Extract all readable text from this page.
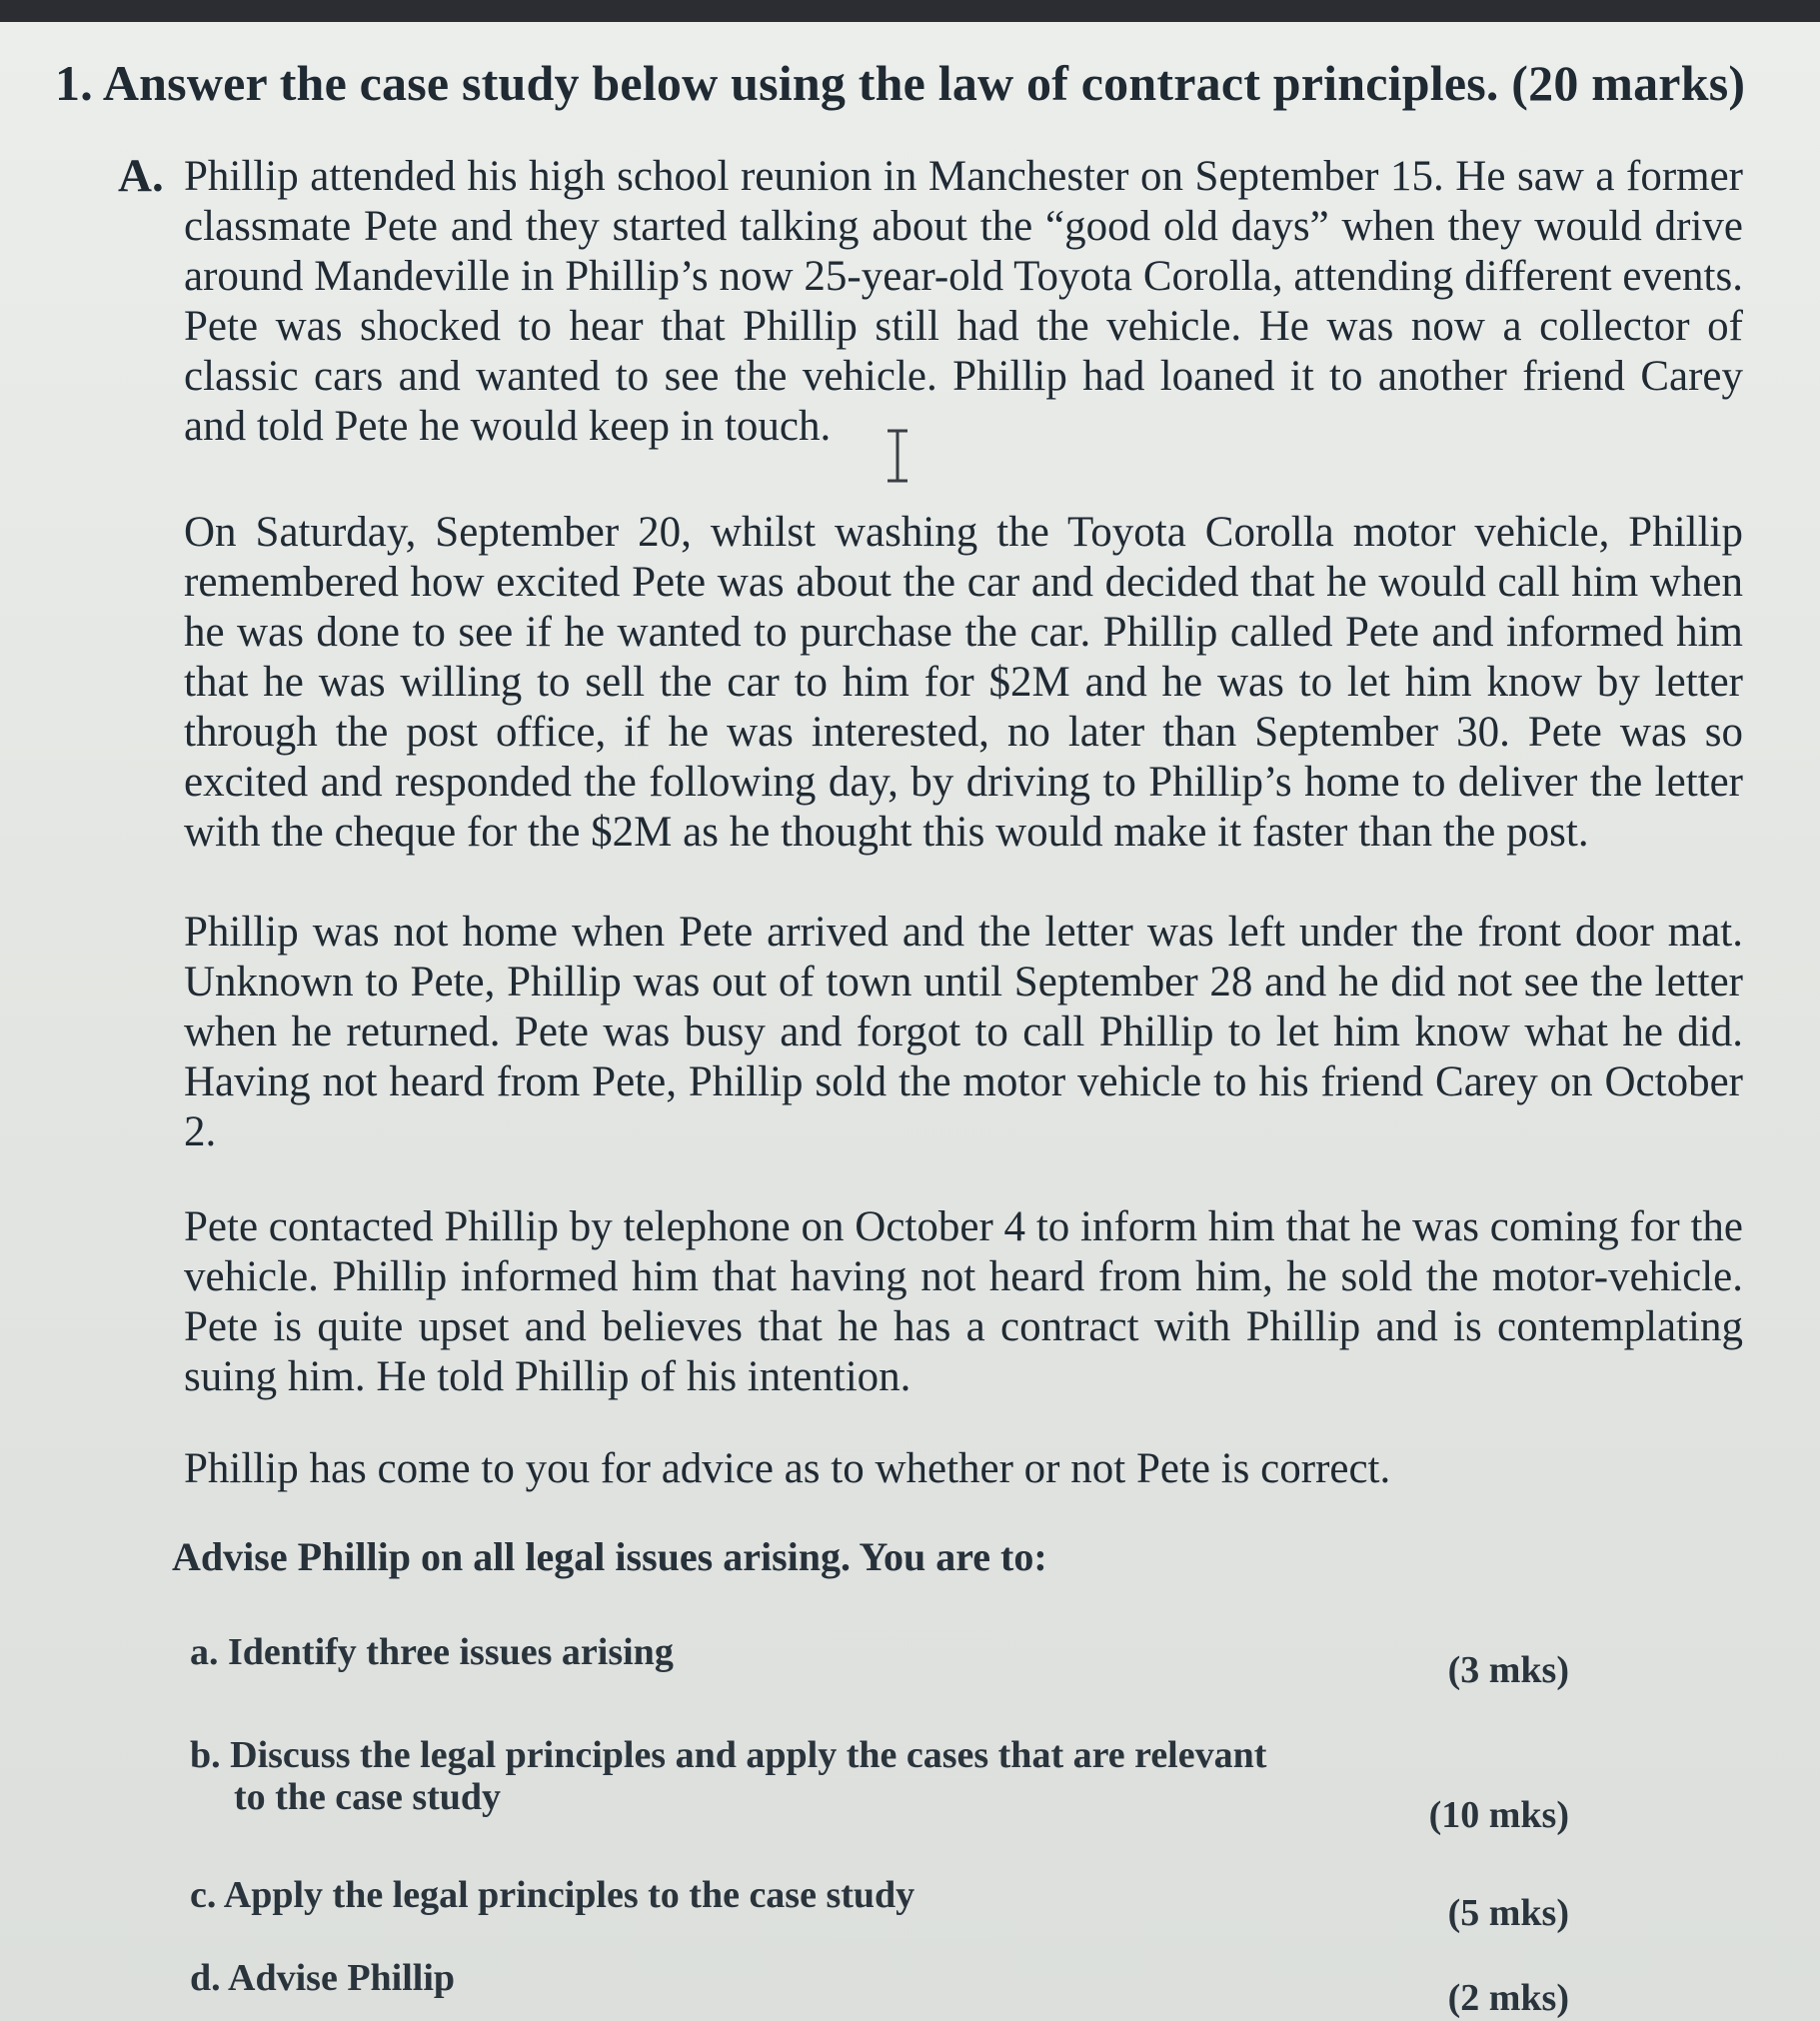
1. Answer the case study below using the law of contract principles. (20 marks)
A. Phillip attended his high school reunion in Manchester on September 15. He saw a former classmate Pete and they started talking about the “good old days” when they would drive around Mandeville in Phillip’s now 25-year-old Toyota Corolla, attending different events. Pete was shocked to hear that Phillip still had the vehicle. He was now a collector of classic cars and wanted to see the vehicle. Phillip had loaned it to another friend Carey and told Pete he would keep in touch.

On Saturday, September 20, whilst washing the Toyota Corolla motor vehicle, Phillip remembered how excited Pete was about the car and decided that he would call him when he was done to see if he wanted to purchase the car. Phillip called Pete and informed him that he was willing to sell the car to him for $2M and he was to let him know by letter through the post office, if he was interested, no later than September 30. Pete was so excited and responded the following day, by driving to Phillip’s home to deliver the letter with the cheque for the $2M as he thought this would make it faster than the post.

Phillip was not home when Pete arrived and the letter was left under the front door mat. Unknown to Pete, Phillip was out of town until September 28 and he did not see the letter when he returned. Pete was busy and forgot to call Phillip to let him know what he did. Having not heard from Pete, Phillip sold the motor vehicle to his friend Carey on October 2.

Pete contacted Phillip by telephone on October 4 to inform him that he was coming for the vehicle. Phillip informed him that having not heard from him, he sold the motor-vehicle. Pete is quite upset and believes that he has a contract with Phillip and is contemplating suing him. He told Phillip of his intention.

Phillip has come to you for advice as to whether or not Pete is correct.

Advise Phillip on all legal issues arising. You are to:
a. Identify three issues arising	(3 mks)
b. Discuss the legal principles and apply the cases that are relevant to the case study	(10 mks)
c. Apply the legal principles to the case study	(5 mks)
d. Advise Phillip	(2 mks)
